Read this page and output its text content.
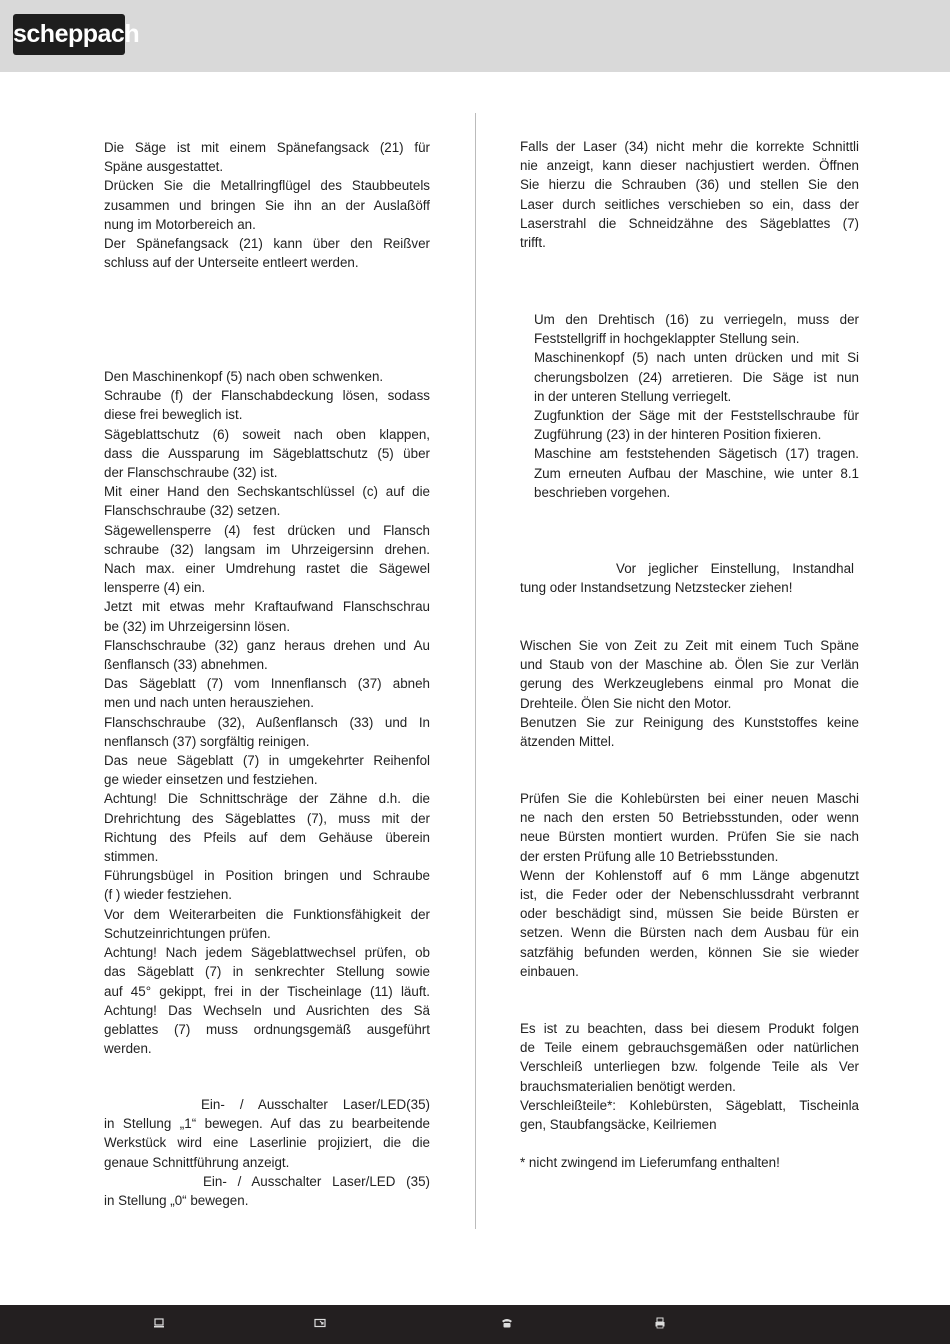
scheppach

Die Säge ist mit einem Spänefangsack (21) für

Späne ausgestattet.

Drücken Sie die Metallringflügel des Staubbeutels

zusammen und bringen Sie ihn an der Auslaßöff

nung im Motorbereich an.

Der Spänefangsack (21) kann über den Reißver

schluss auf der Unterseite entleert werden.

Den Maschinenkopf (5) nach oben schwenken.

Schraube (f) der Flanschabdeckung lösen, sodass

diese frei beweglich ist.

Sägeblattschutz (6) soweit nach oben klappen,

dass die Aussparung im Sägeblattschutz (5) über

der Flanschschraube (32) ist.

Mit einer Hand den Sechskantschlüssel (c) auf die

Flanschschraube (32) setzen.

Sägewellensperre (4) fest drücken und Flansch

schraube (32) langsam im Uhrzeigersinn drehen.

Nach max. einer Umdrehung rastet die Sägewel

lensperre (4) ein.

Jetzt mit etwas mehr Kraftaufwand Flanschschrau

be (32) im Uhrzeigersinn lösen.

Flanschschraube (32) ganz heraus drehen und Au

ßenflansch (33) abnehmen.

Das Sägeblatt (7) vom Innenflansch (37) abneh

men und nach unten herausziehen.

Flanschschraube (32), Außenflansch (33) und In

nenflansch (37) sorgfältig reinigen.

Das neue Sägeblatt (7) in umgekehrter Reihenfol

ge wieder einsetzen und festziehen.

Achtung! Die Schnittschräge der Zähne d.h. die

Drehrichtung des Sägeblattes (7), muss mit der

Richtung des Pfeils auf dem Gehäuse überein

stimmen.

Führungsbügel in Position bringen und Schraube

(f ) wieder festziehen.

Vor dem Weiterarbeiten die Funktionsfähigkeit der

Schutzeinrichtungen prüfen.

Achtung! Nach jedem Sägeblattwechsel prüfen, ob

das Sägeblatt (7) in senkrechter Stellung sowie

auf 45° gekippt, frei in der Tischeinlage (11) läuft.

Achtung! Das Wechseln und Ausrichten des Sä

geblattes (7) muss ordnungsgemäß ausgeführt

werden.

Ein- / Ausschalter Laser/LED(35)

in Stellung „1“ bewegen. Auf das zu bearbeitende

Werkstück wird eine Laserlinie projiziert, die die

genaue Schnittführung anzeigt.

Ein- / Ausschalter Laser/LED (35)

in Stellung „0“ bewegen.

Falls der Laser (34) nicht mehr die korrekte Schnittli

nie anzeigt, kann dieser nachjustiert werden. Öffnen

Sie hierzu die Schrauben (36) und stellen Sie den

Laser durch seitliches verschieben so ein, dass der

Laserstrahl die Schneidzähne des Sägeblattes (7)

trifft.

Um den Drehtisch (16) zu verriegeln, muss der

Feststellgriff in hochgeklappter Stellung sein.

Maschinenkopf (5) nach unten drücken und mit Si

cherungsbolzen (24) arretieren. Die Säge ist nun

in der unteren Stellung verriegelt.

Zugfunktion der Säge mit der Feststellschraube für

Zugführung (23) in der hinteren Position fixieren.

Maschine am feststehenden Sägetisch (17) tragen.

Zum erneuten Aufbau der Maschine, wie unter 8.1

beschrieben vorgehen.

Vor jeglicher Einstellung, Instandhal

tung oder Instandsetzung Netzstecker ziehen!

Wischen Sie von Zeit zu Zeit mit einem Tuch Späne

und Staub von der Maschine ab. Ölen Sie zur Verlän

gerung des Werkzeuglebens einmal pro Monat die

Drehteile. Ölen Sie nicht den Motor.

Benutzen Sie zur Reinigung des Kunststoffes keine

ätzenden Mittel.

Prüfen Sie die Kohlebürsten bei einer neuen Maschi

ne nach den ersten 50 Betriebsstunden, oder wenn

neue Bürsten montiert wurden. Prüfen Sie sie nach

der ersten Prüfung alle 10 Betriebsstunden.

Wenn der Kohlenstoff auf 6 mm Länge abgenutzt

ist, die Feder oder der Nebenschlussdraht verbrannt

oder beschädigt sind, müssen Sie beide Bürsten er

setzen. Wenn die Bürsten nach dem Ausbau für ein

satzfähig befunden werden, können Sie sie wieder

einbauen.

Es ist zu beachten, dass bei diesem Produkt folgen

de Teile einem gebrauchsgemäßen oder natürlichen

Verschleiß unterliegen bzw. folgende Teile als Ver

brauchsmaterialien benötigt werden.

Verschleißteile*: Kohlebürsten, Sägeblatt, Tischeinla

gen, Staubfangsäcke, Keilriemen

* nicht zwingend im Lieferumfang enthalten!
